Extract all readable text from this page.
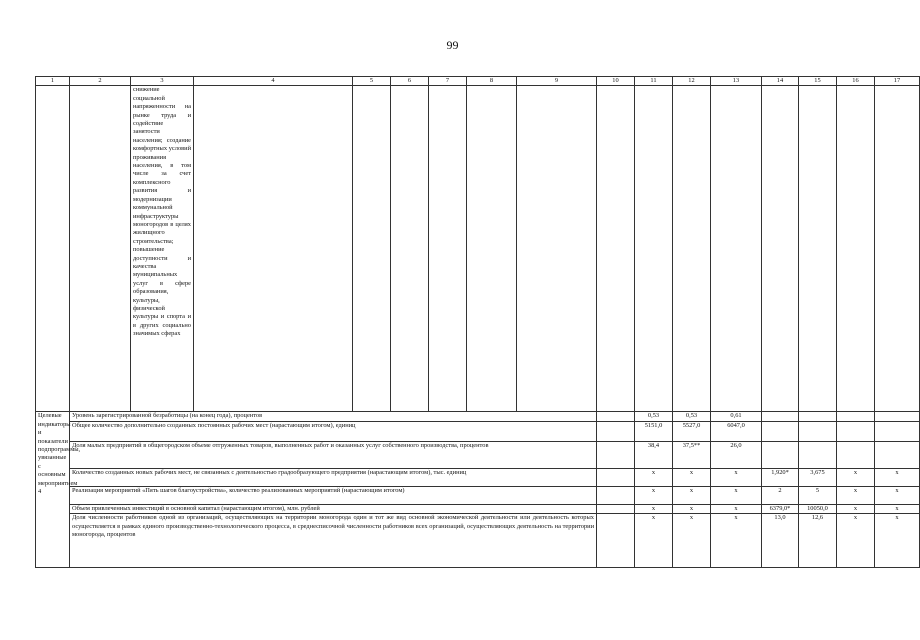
99
1	2	3	4	5	6	7	8	9	10	11	12	13	14	15	16	17	
		снижение социальной напряженности на рынке труда и содействие занятости населения; создание комфортных условий проживания населения, в том числе за счет комплексного развития и модернизации коммунальной инфраструктуры моногородов в целях жилищного строительства; повышение доступности и качества муниципальных услуг в сфере образования, культуры, физической культуры и спорта и в других социально значимых сферах															
Целевые индикаторы и показатели подпрограммы, увязанные с основным мероприятием 4	Уровень зарегистрированной безработицы (на конец года), процентов									0,53	0,53	0,61					
	Общее количество дополнительно созданных постоянных рабочих мест (нарастающим итогом), единиц									5151,0	5527,0	6047,0					
	Доля малых предприятий в общегородском объеме отгруженных товаров, выполненных работ и оказанных услуг собственного производства, процентов									38,4	37,5**	26,0					
	Количество созданных новых рабочих мест, не связанных с деятельностью градообразующего предприятия (нарастающим итогом), тыс. единиц									x	x	x	1,920*	3,675	x	x	
	Реализация мероприятий «Пять шагов благоустройства», количество реализованных мероприятий (нарастающим итогом)									x	x	x	2	5	x	x	
	Объем привлеченных инвестиций в основной капитал (нарастающим итогом), млн. рублей									x	x	x	6379,0*	10050,0	x	x	
	Доля численности работников одной из организаций, осуществляющих на территории моногорода один и тот же вид основной экономической деятельности или деятельность которых осуществляется в рамках единого производственно-технологического процесса, в среднесписочной численности работников всех организаций, осуществляющих деятельность на территории моногорода, процентов									x	x	x	13,0	12,6	x	x	
